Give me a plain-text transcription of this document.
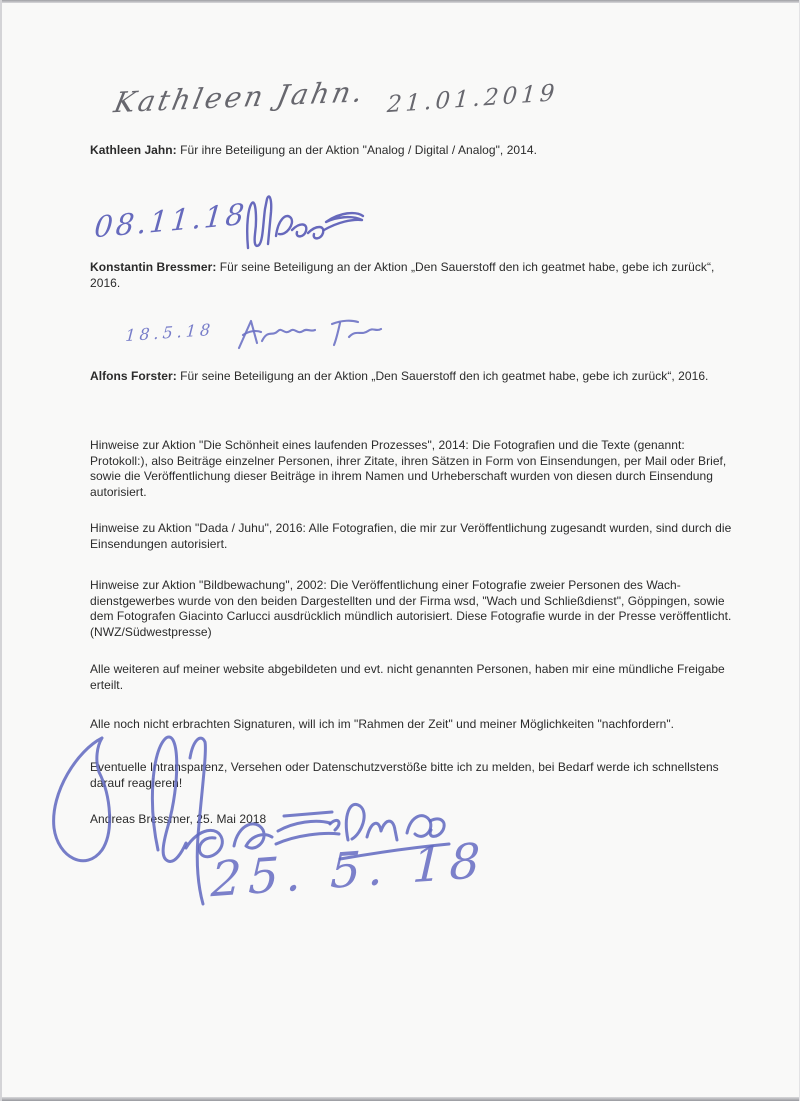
Kathleen Jahn. 21.01.2019

Kathleen Jahn: Für ihre Beteiligung an der Aktion "Analog / Digital / Analog", 2014.

08.11.18

Konstantin Bressmer: Für seine Beteiligung an der Aktion „Den Sauerstoff den ich geatmet habe, gebe ich zurück“, 2016.

18.5.18

Alfons Forster: Für seine Beteiligung an der Aktion „Den Sauerstoff den ich geatmet habe, gebe ich zurück“, 2016.

Hinweise zur Aktion "Die Schönheit eines laufenden Prozesses", 2014: Die Fotografien und die Texte (genannt: Protokoll:), also Beiträge einzelner Personen, ihrer Zitate, ihren Sätzen in Form von Einsendungen, per Mail oder Brief, sowie die Veröffentlichung dieser Beiträge in ihrem Namen und Urheberschaft wurden von diesen durch Einsendung autorisiert.

Hinweise zu Aktion "Dada / Juhu", 2016: Alle Fotografien, die mir zur Veröffentlichung zugesandt wurden, sind durch die Einsendungen autorisiert.

Hinweise zur Aktion "Bildbewachung", 2002: Die Veröffentlichung einer Fotografie zweier Personen des Wach-dienstgewerbes wurde von den beiden Dargestellten und der Firma wsd, "Wach und Schließdienst", Göppingen, sowie dem Fotografen Giacinto Carlucci ausdrücklich mündlich autorisiert. Diese Fotografie wurde in der Presse veröffentlicht. (NWZ/Südwestpresse)

Alle weiteren auf meiner website abgebildeten und evt. nicht genannten Personen, haben mir eine mündliche Freigabe erteilt.

Alle noch nicht erbrachten Signaturen, will ich im "Rahmen der Zeit" und meiner Möglichkeiten "nachfordern".

Eventuelle Intransparenz, Versehen oder Datenschutzverstöße bitte ich zu melden, bei Bedarf werde ich schnellstens darauf reagieren!

Andreas Bressmer, 25. Mai 2018

25. 5. 18
